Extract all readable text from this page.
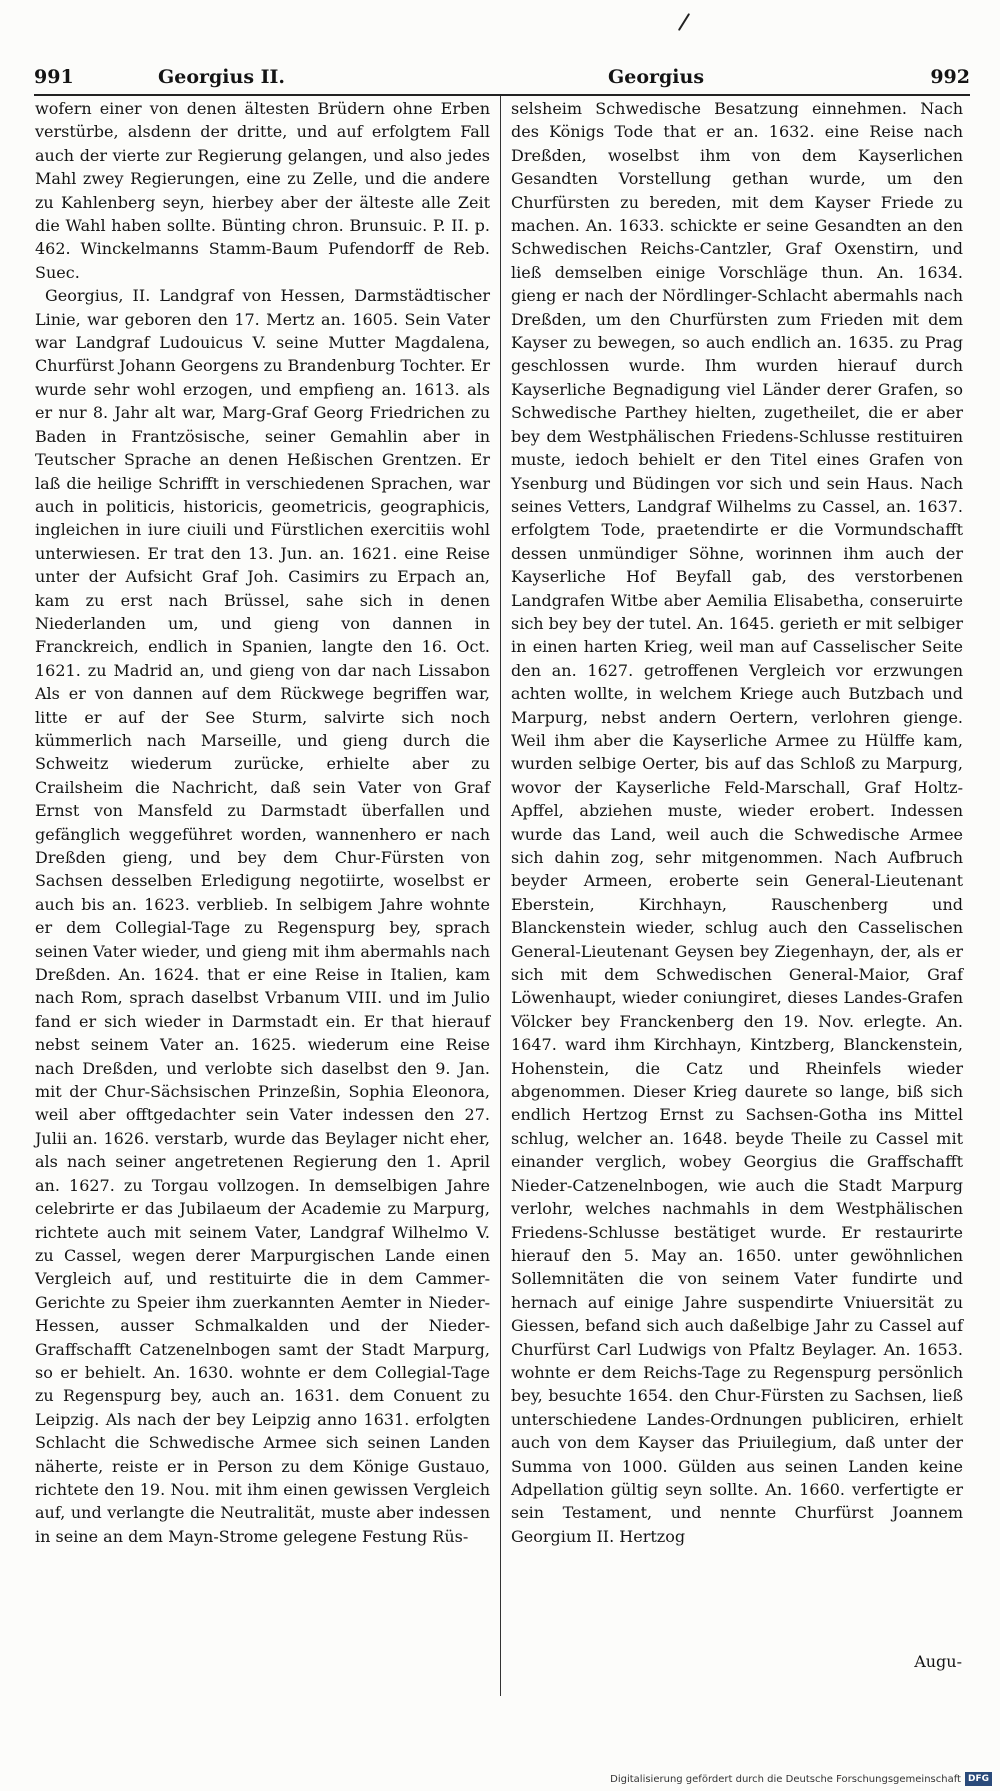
991	Georgius II.	Georgius	992

wofern einer von denen ältesten Brüdern ohne Erben verstürbe, alsdenn der dritte, und auf erfolgtem Fall auch der vierte zur Regierung gelangen, und also jedes Mahl zwey Regierungen, eine zu Zelle, und die andere zu Kahlenberg seyn, hierbey aber der älteste alle Zeit die Wahl haben sollte. Bünting chron. Brunsuic. P. II. p. 462. Winckelmanns Stamm-Baum Pufendorff de Reb. Suec.

Georgius, II. Landgraf von Hessen, Darmstädtischer Linie, war geboren den 17. Mertz an. 1605. Sein Vater war Landgraf Ludouicus V. seine Mutter Magdalena, Churfürst Johann Georgens zu Brandenburg Tochter. Er wurde sehr wohl erzogen, und empfieng an. 1613. als er nur 8. Jahr alt war, Marg-Graf Georg Friedrichen zu Baden in Frantzösische, seiner Gemahlin aber in Teutscher Sprache an denen Heßischen Grentzen. Er laß die heilige Schrifft in verschiedenen Sprachen, war auch in politicis, historicis, geometricis, geographicis, ingleichen in iure ciuili und Fürstlichen exercitiis wohl unterwiesen. Er trat den 13. Jun. an. 1621. eine Reise unter der Aufsicht Graf Joh. Casimirs zu Erpach an, kam zu erst nach Brüssel, sahe sich in denen Niederlanden um, und gieng von dannen in Franckreich, endlich in Spanien, langte den 16. Oct. 1621. zu Madrid an, und gieng von dar nach Lissabon Als er von dannen auf dem Rückwege begriffen war, litte er auf der See Sturm, salvirte sich noch kümmerlich nach Marseille, und gieng durch die Schweitz wiederum zurücke, erhielte aber zu Crailsheim die Nachricht, daß sein Vater von Graf Ernst von Mansfeld zu Darmstadt überfallen und gefänglich weggeführet worden, wannenhero er nach Dreßden gieng, und bey dem Chur-Fürsten von Sachsen desselben Erledigung negotiirte, woselbst er auch bis an. 1623. verblieb. In selbigem Jahre wohnte er dem Collegial-Tage zu Regenspurg bey, sprach seinen Vater wieder, und gieng mit ihm abermahls nach Dreßden. An. 1624. that er eine Reise in Italien, kam nach Rom, sprach daselbst Vrbanum VIII. und im Julio fand er sich wieder in Darmstadt ein. Er that hierauf nebst seinem Vater an. 1625. wiederum eine Reise nach Dreßden, und verlobte sich daselbst den 9. Jan. mit der Chur-Sächsischen Prinzeßin, Sophia Eleonora, weil aber offtgedachter sein Vater indessen den 27. Julii an. 1626. verstarb, wurde das Beylager nicht eher, als nach seiner angetretenen Regierung den 1. April an. 1627. zu Torgau vollzogen. In demselbigen Jahre celebrirte er das Jubilaeum der Academie zu Marpurg, richtete auch mit seinem Vater, Landgraf Wilhelmo V. zu Cassel, wegen derer Marpurgischen Lande einen Vergleich auf, und restituirte die in dem Cammer-Gerichte zu Speier ihm zuerkannten Aemter in Nieder-Hessen, ausser Schmalkalden und der Nieder-Graffschafft Catzenelnbogen samt der Stadt Marpurg, so er behielt. An. 1630. wohnte er dem Collegial-Tage zu Regenspurg bey, auch an. 1631. dem Conuent zu Leipzig. Als nach der bey Leipzig anno 1631. erfolgten Schlacht die Schwedische Armee sich seinen Landen näherte, reiste er in Person zu dem Könige Gustauo, richtete den 19. Nou. mit ihm einen gewissen Vergleich auf, und verlangte die Neutralität, muste aber indessen in seine an dem Mayn-Strome gelegene Festung Rüs-

selsheim Schwedische Besatzung einnehmen. Nach des Königs Tode that er an. 1632. eine Reise nach Dreßden, woselbst ihm von dem Kayserlichen Gesandten Vorstellung gethan wurde, um den Churfürsten zu bereden, mit dem Kayser Friede zu machen. An. 1633. schickte er seine Gesandten an den Schwedischen Reichs-Cantzler, Graf Oxenstirn, und ließ demselben einige Vorschläge thun. An. 1634. gieng er nach der Nördlinger-Schlacht abermahls nach Dreßden, um den Churfürsten zum Frieden mit dem Kayser zu bewegen, so auch endlich an. 1635. zu Prag geschlossen wurde. Ihm wurden hierauf durch Kayserliche Begnadigung viel Länder derer Grafen, so Schwedische Parthey hielten, zugetheilet, die er aber bey dem Westphälischen Friedens-Schlusse restituiren muste, iedoch behielt er den Titel eines Grafen von Ysenburg und Büdingen vor sich und sein Haus. Nach seines Vetters, Landgraf Wilhelms zu Cassel, an. 1637. erfolgtem Tode, praetendirte er die Vormundschafft dessen unmündiger Söhne, worinnen ihm auch der Kayserliche Hof Beyfall gab, des verstorbenen Landgrafen Witbe aber Aemilia Elisabetha, conseruirte sich bey bey der tutel. An. 1645. gerieth er mit selbiger in einen harten Krieg, weil man auf Casselischer Seite den an. 1627. getroffenen Vergleich vor erzwungen achten wollte, in welchem Kriege auch Butzbach und Marpurg, nebst andern Oertern, verlohren gienge. Weil ihm aber die Kayserliche Armee zu Hülffe kam, wurden selbige Oerter, bis auf das Schloß zu Marpurg, wovor der Kayserliche Feld-Marschall, Graf Holtz-Apffel, abziehen muste, wieder erobert. Indessen wurde das Land, weil auch die Schwedische Armee sich dahin zog, sehr mitgenommen. Nach Aufbruch beyder Armeen, eroberte sein General-Lieutenant Eberstein, Kirchhayn, Rauschenberg und Blanckenstein wieder, schlug auch den Casselischen General-Lieutenant Geysen bey Ziegenhayn, der, als er sich mit dem Schwedischen General-Maior, Graf Löwenhaupt, wieder coniungiret, dieses Landes-Grafen Völcker bey Franckenberg den 19. Nov. erlegte. An. 1647. ward ihm Kirchhayn, Kintzberg, Blanckenstein, Hohenstein, die Catz und Rheinfels wieder abgenommen. Dieser Krieg daurete so lange, biß sich endlich Hertzog Ernst zu Sachsen-Gotha ins Mittel schlug, welcher an. 1648. beyde Theile zu Cassel mit einander verglich, wobey Georgius die Graffschafft Nieder-Catzenelnbogen, wie auch die Stadt Marpurg verlohr, welches nachmahls in dem Westphälischen Friedens-Schlusse bestätiget wurde. Er restaurirte hierauf den 5. May an. 1650. unter gewöhnlichen Sollemnitäten die von seinem Vater fundirte und hernach auf einige Jahre suspendirte Vniuersität zu Giessen, befand sich auch daßelbige Jahr zu Cassel auf Churfürst Carl Ludwigs von Pfaltz Beylager. An. 1653. wohnte er dem Reichs-Tage zu Regenspurg persönlich bey, besuchte 1654. den Chur-Fürsten zu Sachsen, ließ unterschiedene Landes-Ordnungen publiciren, erhielt auch von dem Kayser das Priuilegium, daß unter der Summa von 1000. Gülden aus seinen Landen keine Adpellation gültig seyn sollte. An. 1660. verfertigte er sein Testament, und nennte Churfürst Joannem Georgium II. Hertzog

Augu-
Digitalisierung gefördert durch die Deutsche Forschungsgemeinschaft DFG
